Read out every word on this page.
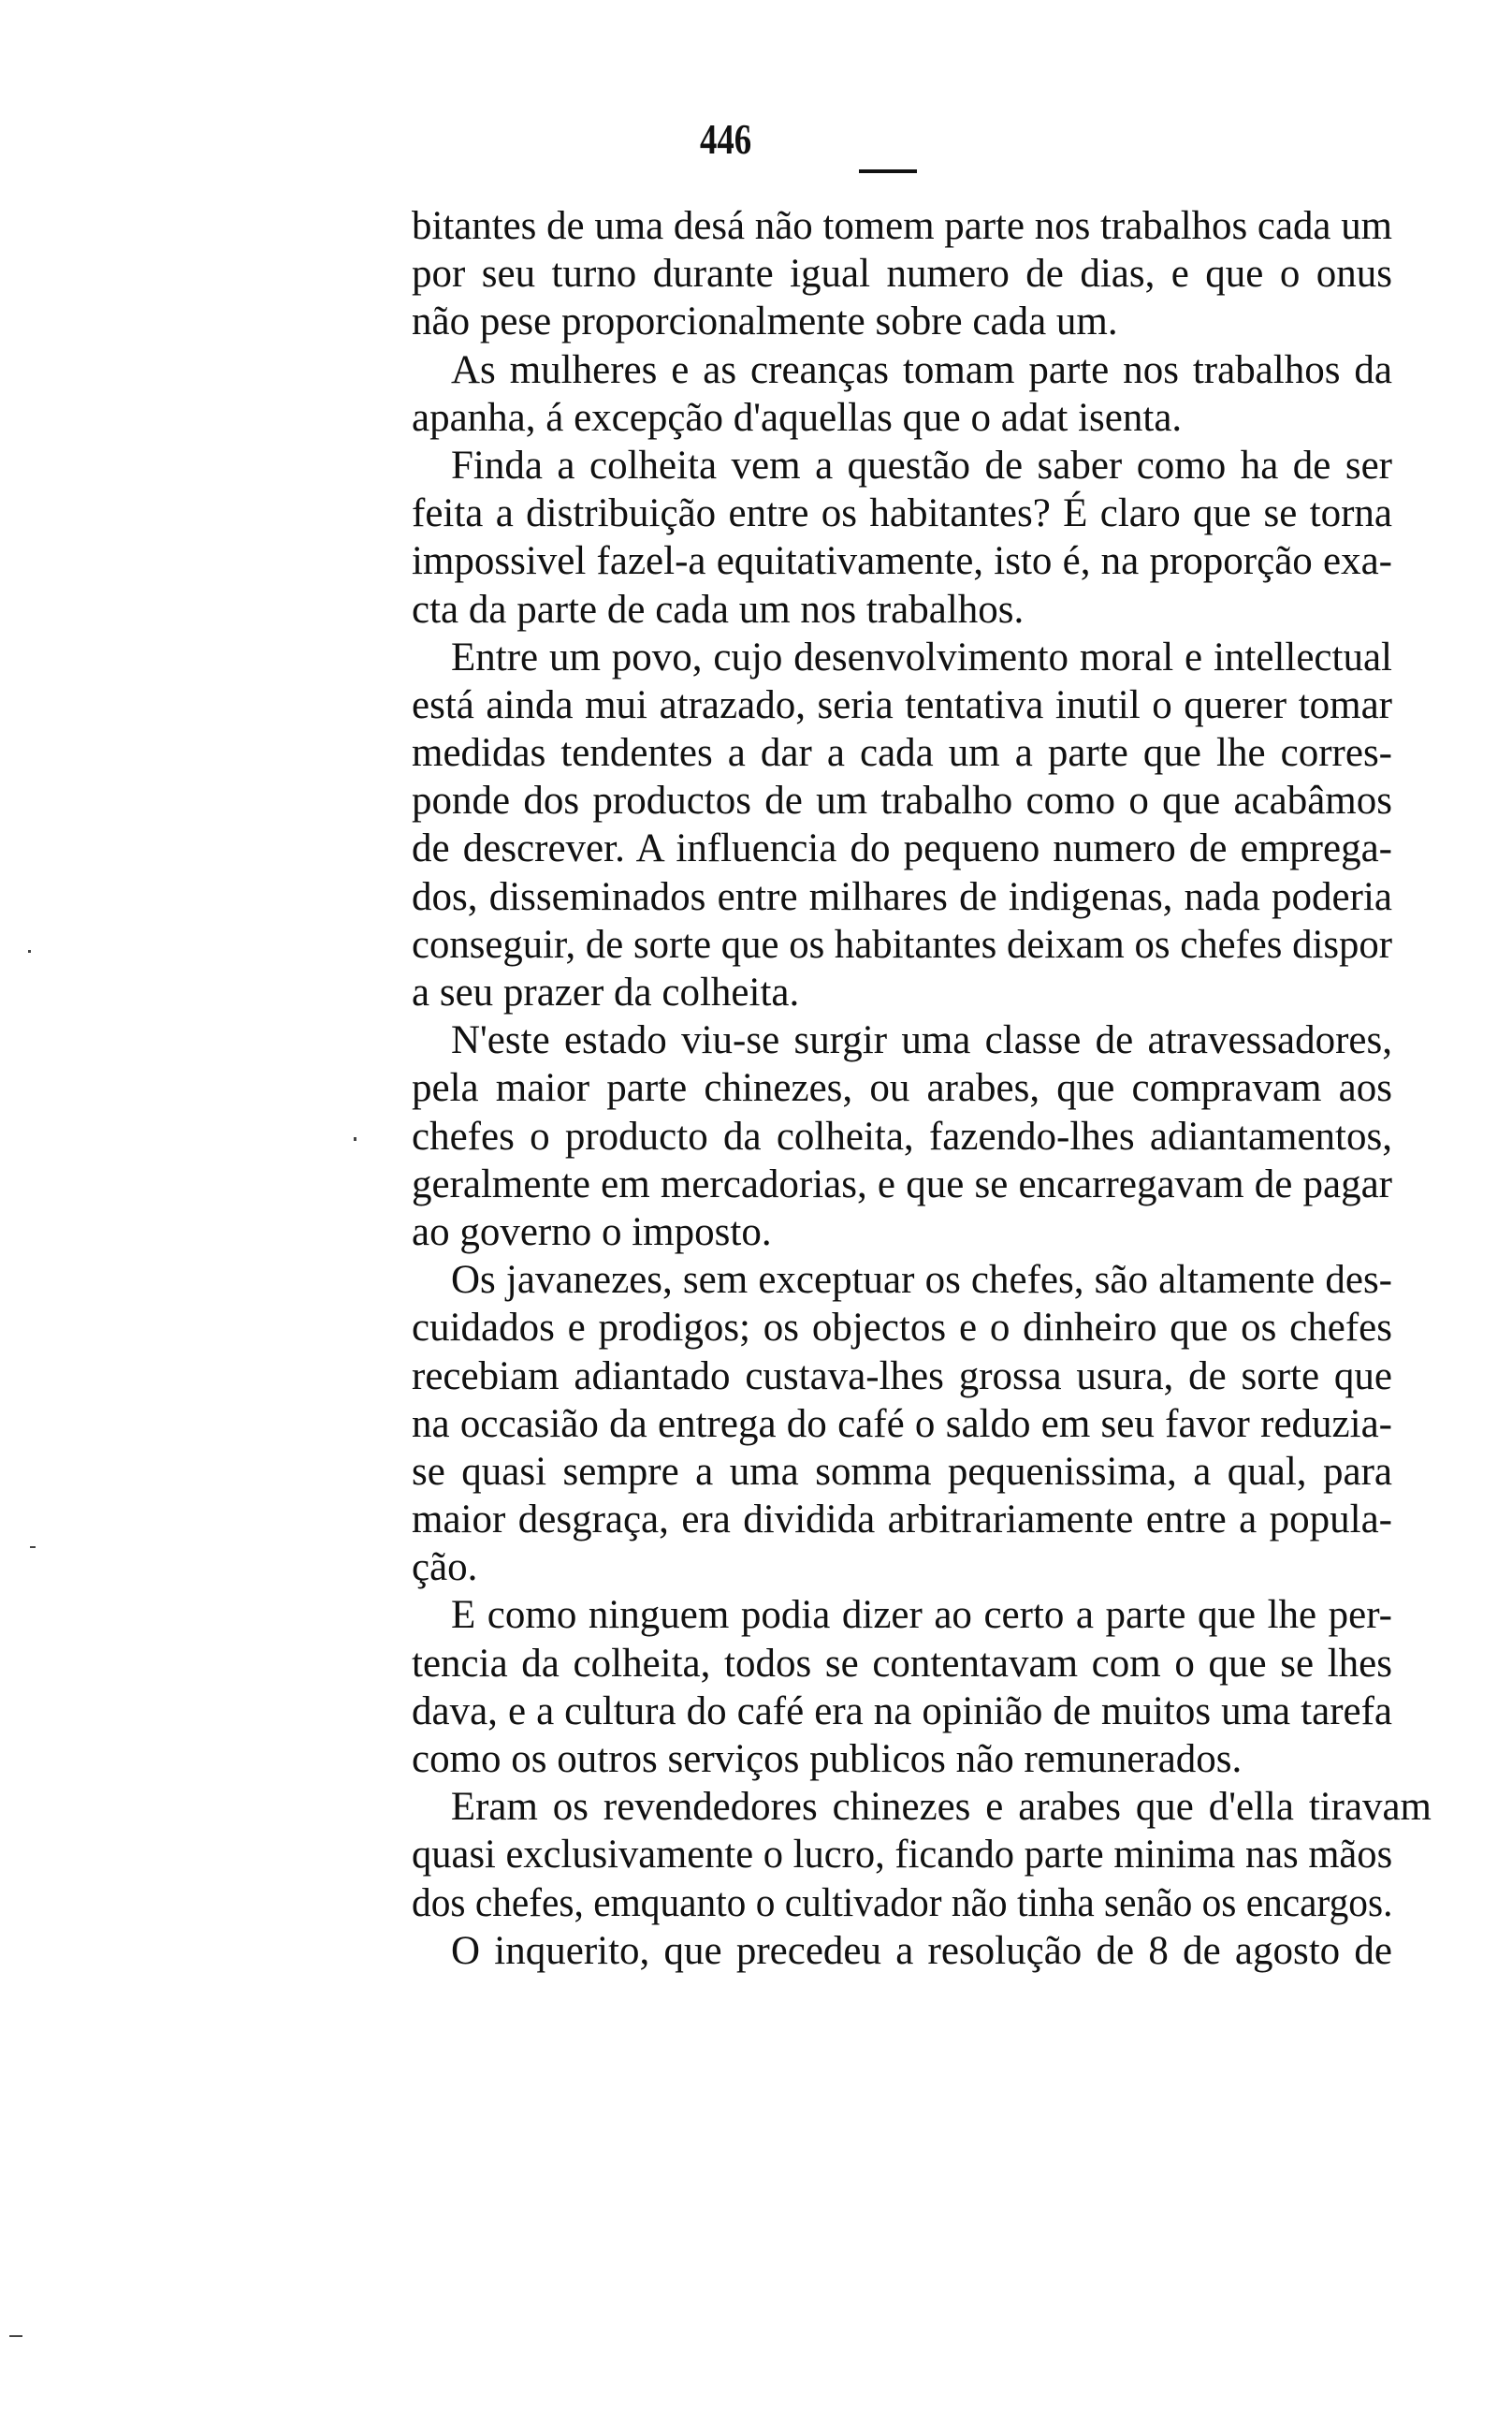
446
bitantes de uma desá não tomem parte nos trabalhos cada um
por seu turno durante igual numero de dias, e que o onus
não pese proporcionalmente sobre cada um.
As mulheres e as creanças tomam parte nos trabalhos da
apanha, á excepção d'aquellas que o adat isenta.
Finda a colheita vem a questão de saber como ha de ser
feita a distribuição entre os habitantes? É claro que se torna
impossivel fazel-a equitativamente, isto é, na proporção exa-
cta da parte de cada um nos trabalhos.
Entre um povo, cujo desenvolvimento moral e intellectual
está ainda mui atrazado, seria tentativa inutil o querer tomar
medidas tendentes a dar a cada um a parte que lhe corres-
ponde dos productos de um trabalho como o que acabâmos
de descrever. A influencia do pequeno numero de emprega-
dos, disseminados entre milhares de indigenas, nada poderia
conseguir, de sorte que os habitantes deixam os chefes dispor
a seu prazer da colheita.
N'este estado viu-se surgir uma classe de atravessadores,
pela maior parte chinezes, ou arabes, que compravam aos
chefes o producto da colheita, fazendo-lhes adiantamentos,
geralmente em mercadorias, e que se encarregavam de pagar
ao governo o imposto.
Os javanezes, sem exceptuar os chefes, são altamente des-
cuidados e prodigos; os objectos e o dinheiro que os chefes
recebiam adiantado custava-lhes grossa usura, de sorte que
na occasião da entrega do café o saldo em seu favor reduzia-
se quasi sempre a uma somma pequenissima, a qual, para
maior desgraça, era dividida arbitrariamente entre a popula-
ção.
E como ninguem podia dizer ao certo a parte que lhe per-
tencia da colheita, todos se contentavam com o que se lhes
dava, e a cultura do café era na opinião de muitos uma tarefa
como os outros serviços publicos não remunerados.
Eram os revendedores chinezes e arabes que d'ella tiravam
quasi exclusivamente o lucro, ficando parte minima nas mãos
dos chefes, emquanto o cultivador não tinha senão os encargos.
O inquerito, que precedeu a resolução de 8 de agosto de
